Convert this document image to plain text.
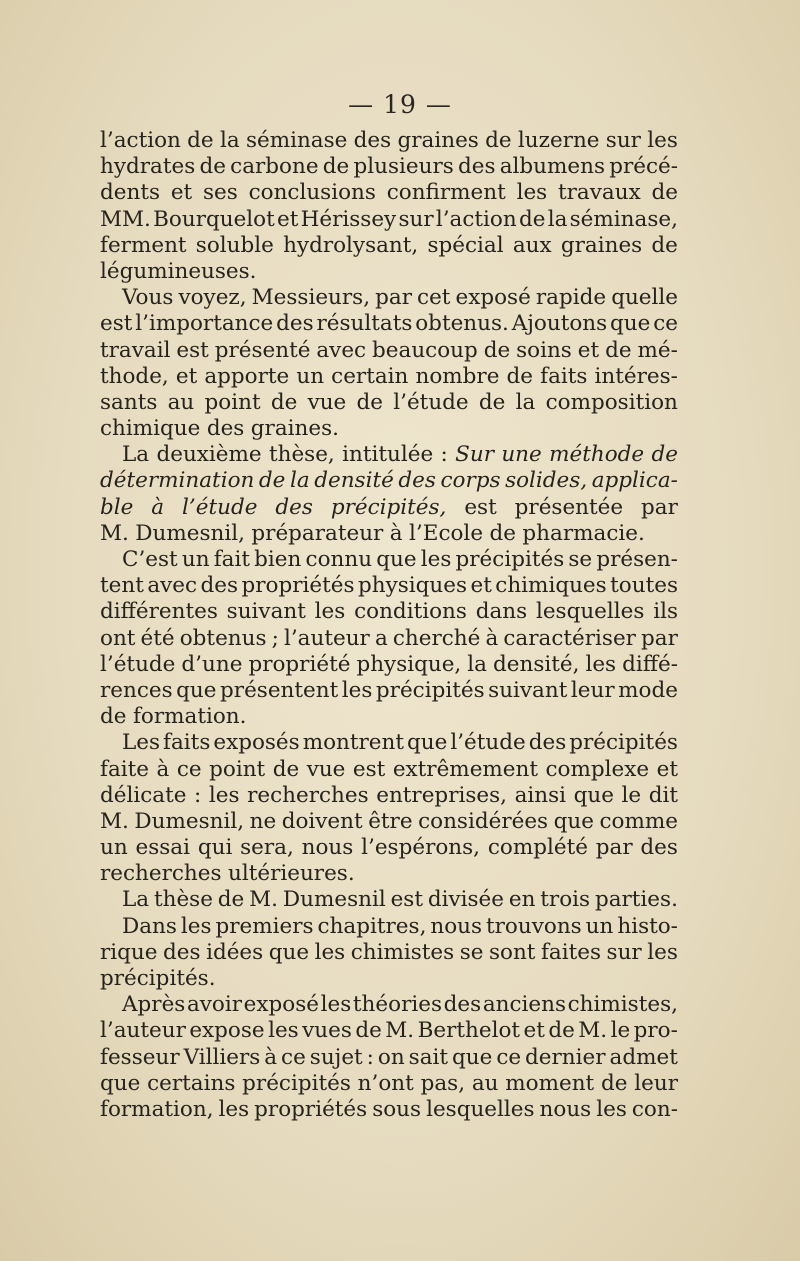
— 19 —
l’action de la séminase des graines de luzerne sur les
hydrates de carbone de plusieurs des albumens précé-
dents et ses conclusions confirment les travaux de
MM. Bourquelot et Hérissey sur l’action de la séminase,
ferment soluble hydrolysant, spécial aux graines de
légumineuses.
Vous voyez, Messieurs, par cet exposé rapide quelle
est l’importance des résultats obtenus. Ajoutons que ce
travail est présenté avec beaucoup de soins et de mé-
thode, et apporte un certain nombre de faits intéres-
sants au point de vue de l’étude de la composition
chimique des graines.
La deuxième thèse, intitulée : Sur une méthode de
détermination de la densité des corps solides, applica-
ble à l’étude des précipités, est présentée par
M. Dumesnil, préparateur à l’Ecole de pharmacie.
C’est un fait bien connu que les précipités se présen-
tent avec des propriétés physiques et chimiques toutes
différentes suivant les conditions dans lesquelles ils
ont été obtenus ; l’auteur a cherché à caractériser par
l’étude d’une propriété physique, la densité, les diffé-
rences que présentent les précipités suivant leur mode
de formation.
Les faits exposés montrent que l’étude des précipités
faite à ce point de vue est extrêmement complexe et
délicate : les recherches entreprises, ainsi que le dit
M. Dumesnil, ne doivent être considérées que comme
un essai qui sera, nous l’espérons, complété par des
recherches ultérieures.
La thèse de M. Dumesnil est divisée en trois parties.
Dans les premiers chapitres, nous trouvons un histo-
rique des idées que les chimistes se sont faites sur les
précipités.
Après avoir exposé les théories des anciens chimistes,
l’auteur expose les vues de M. Berthelot et de M. le pro-
fesseur Villiers à ce sujet : on sait que ce dernier admet
que certains précipités n’ont pas, au moment de leur
formation, les propriétés sous lesquelles nous les con-
